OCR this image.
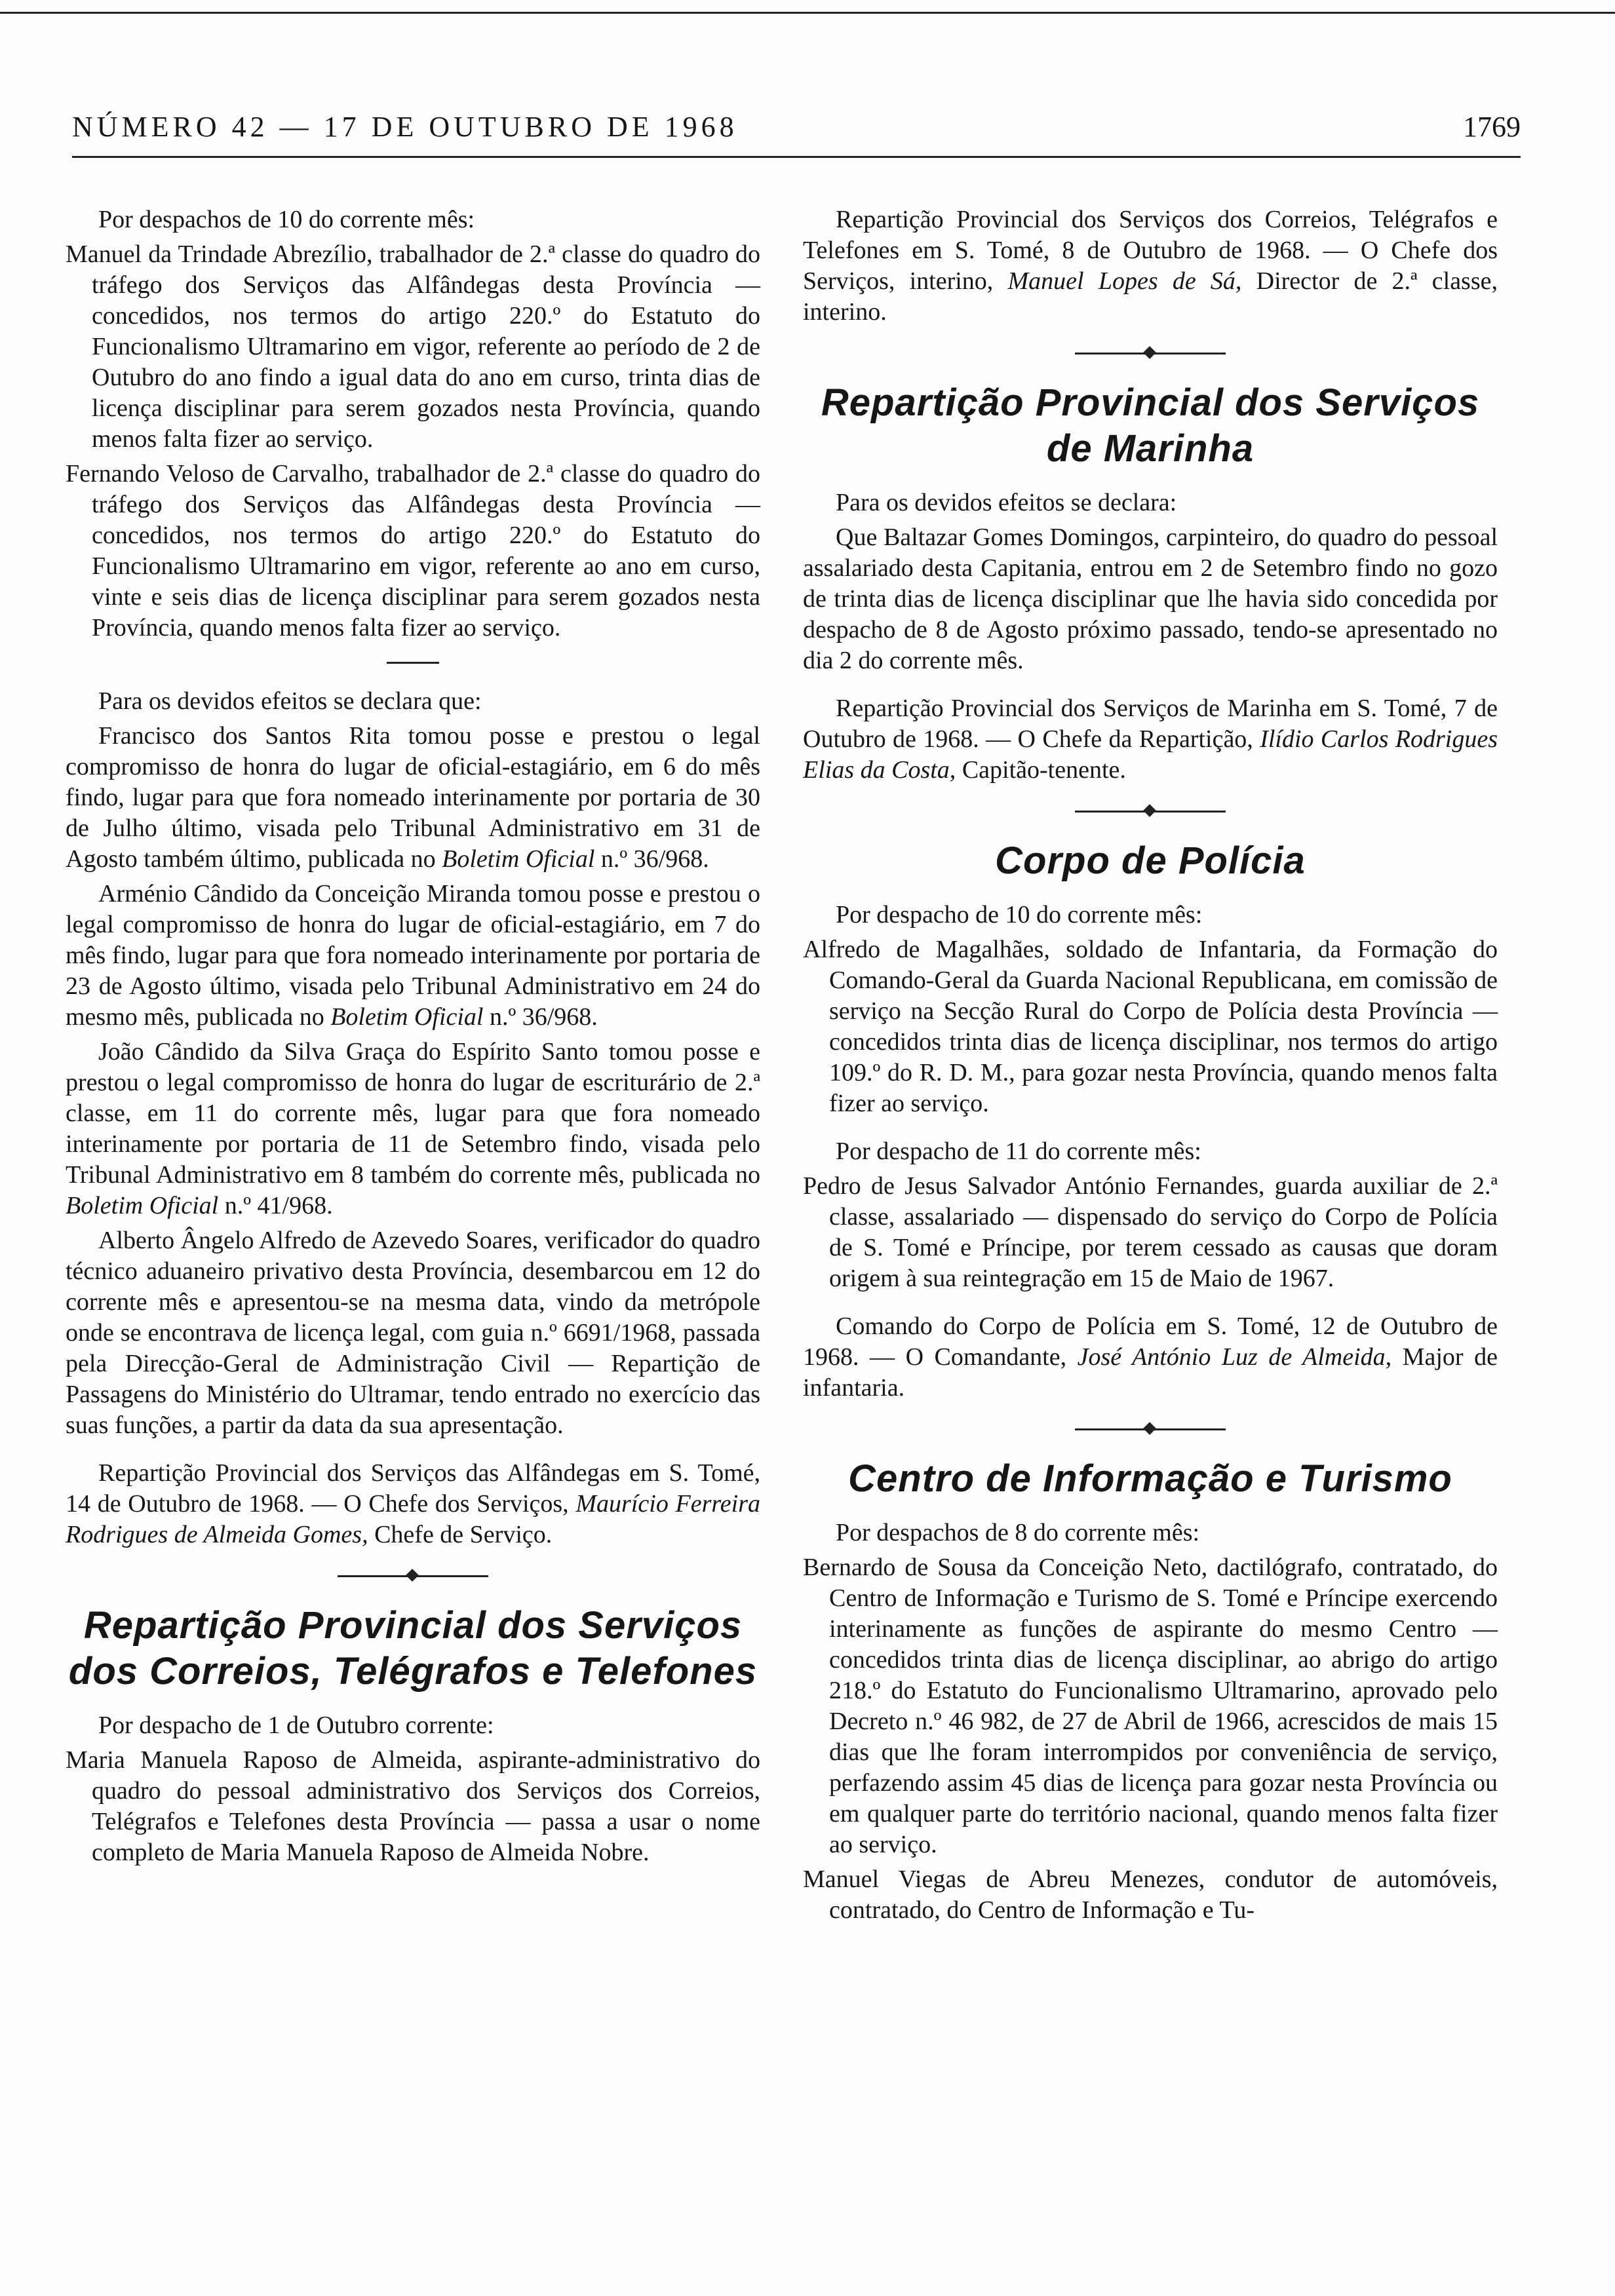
NÚMERO 42 — 17 DE OUTUBRO DE 1968	1769

Por despachos de 10 do corrente mês:

Manuel da Trindade Abrezílio, trabalhador de 2.ª classe do quadro do tráfego dos Serviços das Alfândegas desta Província — concedidos, nos termos do artigo 220.º do Estatuto do Funcionalismo Ultramarino em vigor, referente ao período de 2 de Outubro do ano findo a igual data do ano em curso, trinta dias de licença disciplinar para serem gozados nesta Província, quando menos falta fizer ao serviço.

Fernando Veloso de Carvalho, trabalhador de 2.ª classe do quadro do tráfego dos Serviços das Alfândegas desta Província — concedidos, nos termos do artigo 220.º do Estatuto do Funcionalismo Ultramarino em vigor, referente ao ano em curso, vinte e seis dias de licença disciplinar para serem gozados nesta Província, quando menos falta fizer ao serviço.

Para os devidos efeitos se declara que:

Francisco dos Santos Rita tomou posse e prestou o legal compromisso de honra do lugar de oficial-estagiário, em 6 do mês findo, lugar para que fora nomeado interinamente por portaria de 30 de Julho último, visada pelo Tribunal Administrativo em 31 de Agosto também último, publicada no Boletim Oficial n.º 36/968.

Arménio Cândido da Conceição Miranda tomou posse e prestou o legal compromisso de honra do lugar de oficial-estagiário, em 7 do mês findo, lugar para que fora nomeado interinamente por portaria de 23 de Agosto último, visada pelo Tribunal Administrativo em 24 do mesmo mês, publicada no Boletim Oficial n.º 36/968.

João Cândido da Silva Graça do Espírito Santo tomou posse e prestou o legal compromisso de honra do lugar de escriturário de 2.ª classe, em 11 do corrente mês, lugar para que fora nomeado interinamente por portaria de 11 de Setembro findo, visada pelo Tribunal Administrativo em 8 também do corrente mês, publicada no Boletim Oficial n.º 41/968.

Alberto Ângelo Alfredo de Azevedo Soares, verificador do quadro técnico aduaneiro privativo desta Província, desembarcou em 12 do corrente mês e apresentou-se na mesma data, vindo da metrópole onde se encontrava de licença legal, com guia n.º 6691/1968, passada pela Direcção-Geral de Administração Civil — Repartição de Passagens do Ministério do Ultramar, tendo entrado no exercício das suas funções, a partir da data da sua apresentação.

Repartição Provincial dos Serviços das Alfândegas em S. Tomé, 14 de Outubro de 1968. — O Chefe dos Serviços, Maurício Ferreira Rodrigues de Almeida Gomes, Chefe de Serviço.

Repartição Provincial dos Serviços
dos Correios, Telégrafos e Telefones

Por despacho de 1 de Outubro corrente:

Maria Manuela Raposo de Almeida, aspirante-administrativo do quadro do pessoal administrativo dos Serviços dos Correios, Telégrafos e Telefones desta Província — passa a usar o nome completo de Maria Manuela Raposo de Almeida Nobre.

Repartição Provincial dos Serviços dos Correios, Telégrafos e Telefones em S. Tomé, 8 de Outubro de 1968. — O Chefe dos Serviços, interino, Manuel Lopes de Sá, Director de 2.ª classe, interino.

Repartição Provincial dos Serviços
de Marinha

Para os devidos efeitos se declara:

Que Baltazar Gomes Domingos, carpinteiro, do quadro do pessoal assalariado desta Capitania, entrou em 2 de Setembro findo no gozo de trinta dias de licença disciplinar que lhe havia sido concedida por despacho de 8 de Agosto próximo passado, tendo-se apresentado no dia 2 do corrente mês.

Repartição Provincial dos Serviços de Marinha em S. Tomé, 7 de Outubro de 1968. — O Chefe da Repartição, Ilídio Carlos Rodrigues Elias da Costa, Capitão-tenente.

Corpo de Polícia

Por despacho de 10 do corrente mês:

Alfredo de Magalhães, soldado de Infantaria, da Formação do Comando-Geral da Guarda Nacional Republicana, em comissão de serviço na Secção Rural do Corpo de Polícia desta Província — concedidos trinta dias de licença disciplinar, nos termos do artigo 109.º do R. D. M., para gozar nesta Província, quando menos falta fizer ao serviço.

Por despacho de 11 do corrente mês:

Pedro de Jesus Salvador António Fernandes, guarda auxiliar de 2.ª classe, assalariado — dispensado do serviço do Corpo de Polícia de S. Tomé e Príncipe, por terem cessado as causas que doram origem à sua reintegração em 15 de Maio de 1967.

Comando do Corpo de Polícia em S. Tomé, 12 de Outubro de 1968. — O Comandante, José António Luz de Almeida, Major de infantaria.

Centro de Informação e Turismo

Por despachos de 8 do corrente mês:

Bernardo de Sousa da Conceição Neto, dactilógrafo, contratado, do Centro de Informação e Turismo de S. Tomé e Príncipe exercendo interinamente as funções de aspirante do mesmo Centro — concedidos trinta dias de licença disciplinar, ao abrigo do artigo 218.º do Estatuto do Funcionalismo Ultramarino, aprovado pelo Decreto n.º 46 982, de 27 de Abril de 1966, acrescidos de mais 15 dias que lhe foram interrompidos por conveniência de serviço, perfazendo assim 45 dias de licença para gozar nesta Província ou em qualquer parte do território nacional, quando menos falta fizer ao serviço.

Manuel Viegas de Abreu Menezes, condutor de automóveis, contratado, do Centro de Informação e Tu-
